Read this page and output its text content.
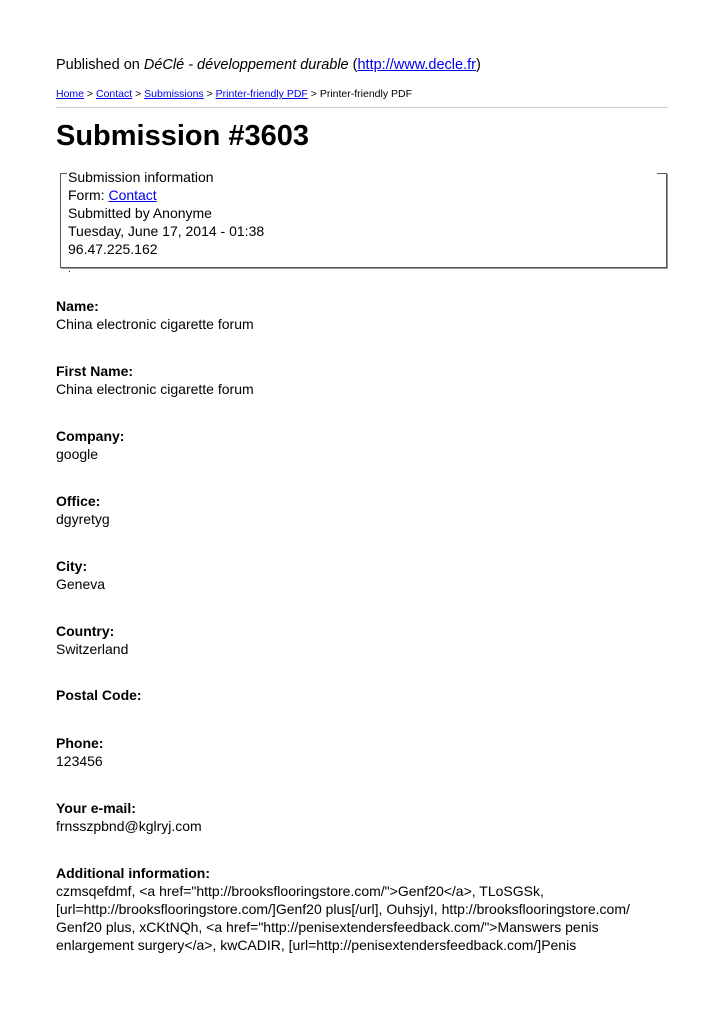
Published on DéClé - développement durable (http://www.decle.fr)
Home > Contact > Submissions > Printer-friendly PDF > Printer-friendly PDF
Submission #3603
Submission information
Form: Contact
Submitted by Anonyme
Tuesday, June 17, 2014 - 01:38
96.47.225.162
.
Name:
China electronic cigarette forum
First Name:
China electronic cigarette forum
Company:
google
Office:
dgyretyg
City:
Geneva
Country:
Switzerland
Postal Code:
Phone:
123456
Your e-mail:
frnsszpbnd@kglryj.com
Additional information:
czmsqefdmf, <a href="http://brooksflooringstore.com/">Genf20</a>, TLoSGSk, [url=http://brooksflooringstore.com/]Genf20 plus[/url], OuhsjyI, http://brooksflooringstore.com/ Genf20 plus, xCKtNQh, <a href="http://penisextendersfeedback.com/">Manswers penis enlargement surgery</a>, kwCADIR, [url=http://penisextendersfeedback.com/]Penis
